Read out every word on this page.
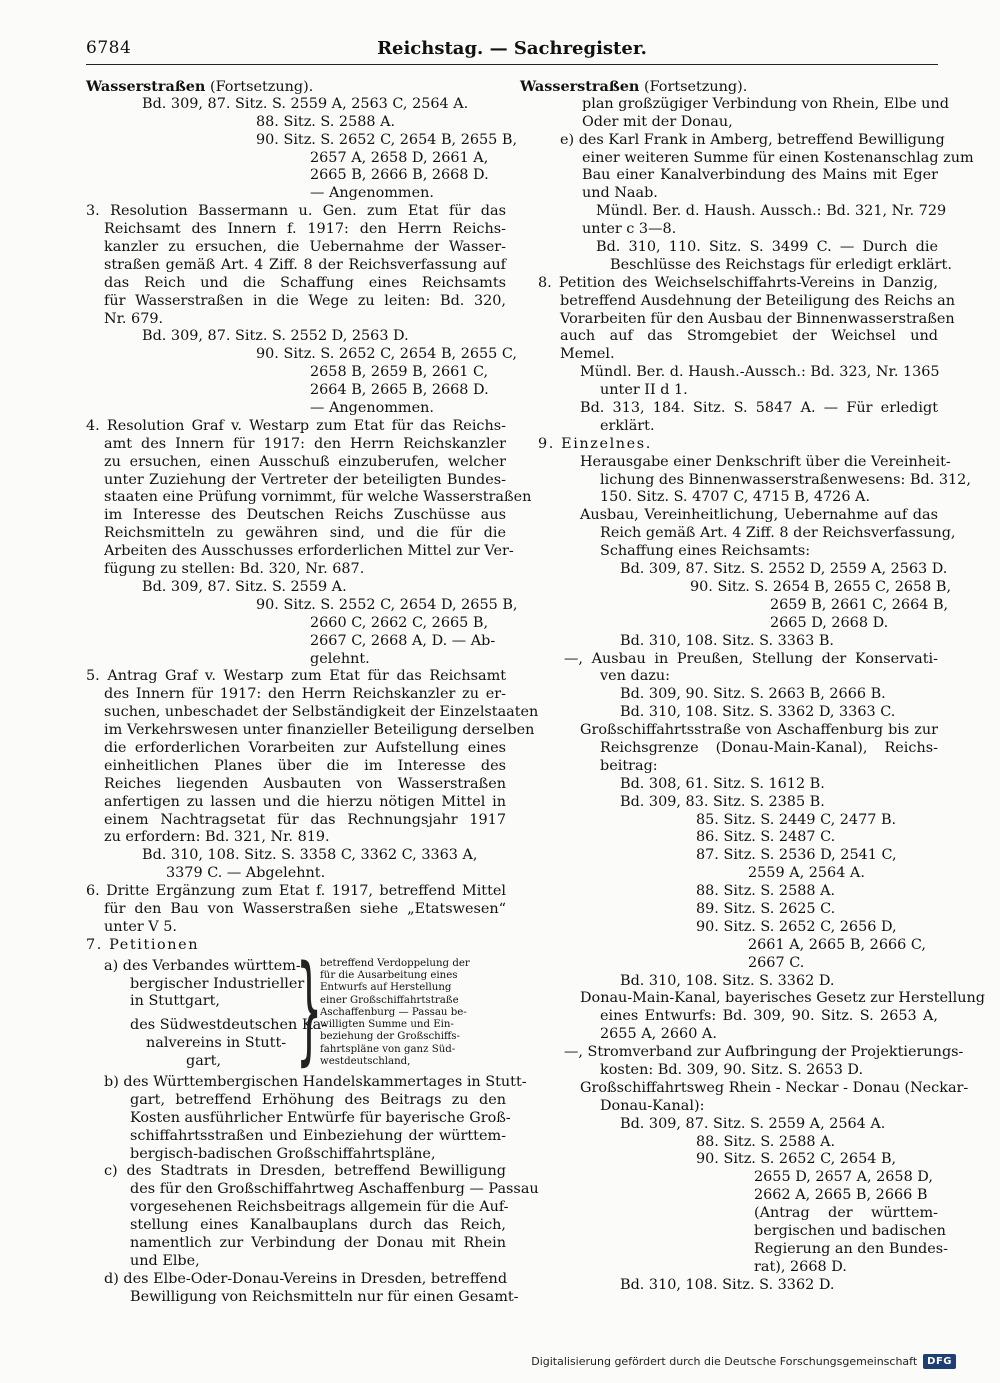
6784	Reichstag. — Sachregister.
Wasserstraßen (Fortsetzung).
Bd. 309, 87. Sitz. S. 2559 A, 2563 C, 2564 A.
88. Sitz. S. 2588 A.
90. Sitz. S. 2652 C, 2654 B, 2655 B,
2657 A, 2658 D, 2661 A,
2665 B, 2666 B, 2668 D.
— Angenommen.
3. Resolution Bassermann u. Gen. zum Etat für das
Reichsamt des Innern f. 1917: den Herrn Reichs-
kanzler zu ersuchen, die Uebernahme der Wasser-
straßen gemäß Art. 4 Ziff. 8 der Reichsverfassung auf
das Reich und die Schaffung eines Reichsamts
für Wasserstraßen in die Wege zu leiten: Bd. 320,
Nr. 679.
Bd. 309, 87. Sitz. S. 2552 D, 2563 D.
90. Sitz. S. 2652 C, 2654 B, 2655 C,
2658 B, 2659 B, 2661 C,
2664 B, 2665 B, 2668 D.
— Angenommen.
4. Resolution Graf v. Westarp zum Etat für das Reichs-
amt des Innern für 1917: den Herrn Reichskanzler
zu ersuchen, einen Ausschuß einzuberufen, welcher
unter Zuziehung der Vertreter der beteiligten Bundes-
staaten eine Prüfung vornimmt, für welche Wasserstraßen
im Interesse des Deutschen Reichs Zuschüsse aus
Reichsmitteln zu gewähren sind, und die für die
Arbeiten des Ausschusses erforderlichen Mittel zur Ver-
fügung zu stellen: Bd. 320, Nr. 687.
Bd. 309, 87. Sitz. S. 2559 A.
90. Sitz. S. 2552 C, 2654 D, 2655 B,
2660 C, 2662 C, 2665 B,
2667 C, 2668 A, D. — Ab-
gelehnt.
5. Antrag Graf v. Westarp zum Etat für das Reichsamt
des Innern für 1917: den Herrn Reichskanzler zu er-
suchen, unbeschadet der Selbständigkeit der Einzelstaaten
im Verkehrswesen unter finanzieller Beteiligung derselben
die erforderlichen Vorarbeiten zur Aufstellung eines
einheitlichen Planes über die im Interesse des
Reiches liegenden Ausbauten von Wasserstraßen
anfertigen zu lassen und die hierzu nötigen Mittel in
einem Nachtragsetat für das Rechnungsjahr 1917
zu erfordern: Bd. 321, Nr. 819.
Bd. 310, 108. Sitz. S. 3358 C, 3362 C, 3363 A,
3379 C. — Abgelehnt.
6. Dritte Ergänzung zum Etat f. 1917, betreffend Mittel
für den Bau von Wasserstraßen siehe „Etatswesen“
unter V 5.
7. Petitionen
a) des Verbandes württem-
bergischer Industrieller
in Stuttgart,
des Südwestdeutschen Ka-
nalvereins in Stutt-
gart, }
betreffend Verdoppelung der
für die Ausarbeitung eines
Entwurfs auf Herstellung
einer Großschiffahrtstraße
Aschaffenburg — Passau be-
willigten Summe und Ein-
beziehung der Großschiffs-
fahrtspläne von ganz Süd-
westdeutschland,
b) des Württembergischen Handelskammertages in Stutt-
gart, betreffend Erhöhung des Beitrags zu den
Kosten ausführlicher Entwürfe für bayerische Groß-
schiffahrtsstraßen und Einbeziehung der württem-
bergisch-badischen Großschiffahrtspläne,
c) des Stadtrats in Dresden, betreffend Bewilligung
des für den Großschiffahrtweg Aschaffenburg — Passau
vorgesehenen Reichsbeitrags allgemein für die Auf-
stellung eines Kanalbauplans durch das Reich,
namentlich zur Verbindung der Donau mit Rhein
und Elbe,
d) des Elbe-Oder-Donau-Vereins in Dresden, betreffend
Bewilligung von Reichsmitteln nur für einen Gesamt-
Wasserstraßen (Fortsetzung).
plan großzügiger Verbindung von Rhein, Elbe und
Oder mit der Donau,
e) des Karl Frank in Amberg, betreffend Bewilligung
einer weiteren Summe für einen Kostenanschlag zum
Bau einer Kanalverbindung des Mains mit Eger
und Naab.
Mündl. Ber. d. Haush. Aussch.: Bd. 321, Nr. 729
unter c 3—8.
Bd. 310, 110. Sitz. S. 3499 C. — Durch die
Beschlüsse des Reichstags für erledigt erklärt.
8. Petition des Weichselschiffahrts-Vereins in Danzig,
betreffend Ausdehnung der Beteiligung des Reichs an
Vorarbeiten für den Ausbau der Binnenwasserstraßen
auch auf das Stromgebiet der Weichsel und
Memel.
Mündl. Ber. d. Haush.-Aussch.: Bd. 323, Nr. 1365
unter II d 1.
Bd. 313, 184. Sitz. S. 5847 A. — Für erledigt
erklärt.
9. Einzelnes.
Herausgabe einer Denkschrift über die Vereinheit-
lichung des Binnenwasserstraßenwesens: Bd. 312,
150. Sitz. S. 4707 C, 4715 B, 4726 A.
Ausbau, Vereinheitlichung, Uebernahme auf das
Reich gemäß Art. 4 Ziff. 8 der Reichsverfassung,
Schaffung eines Reichsamts:
Bd. 309, 87. Sitz. S. 2552 D, 2559 A, 2563 D.
90. Sitz. S. 2654 B, 2655 C, 2658 B,
2659 B, 2661 C, 2664 B,
2665 D, 2668 D.
Bd. 310, 108. Sitz. S. 3363 B.
—, Ausbau in Preußen, Stellung der Konservati-
ven dazu:
Bd. 309, 90. Sitz. S. 2663 B, 2666 B.
Bd. 310, 108. Sitz. S. 3362 D, 3363 C.
Großschiffahrtsstraße von Aschaffenburg bis zur
Reichsgrenze (Donau-Main-Kanal), Reichs-
beitrag:
Bd. 308, 61. Sitz. S. 1612 B.
Bd. 309, 83. Sitz. S. 2385 B.
85. Sitz. S. 2449 C, 2477 B.
86. Sitz. S. 2487 C.
87. Sitz. S. 2536 D, 2541 C,
2559 A, 2564 A.
88. Sitz. S. 2588 A.
89. Sitz. S. 2625 C.
90. Sitz. S. 2652 C, 2656 D,
2661 A, 2665 B, 2666 C,
2667 C.
Bd. 310, 108. Sitz. S. 3362 D.
Donau-Main-Kanal, bayerisches Gesetz zur Herstellung
eines Entwurfs: Bd. 309, 90. Sitz. S. 2653 A,
2655 A, 2660 A.
—, Stromverband zur Aufbringung der Projektierungs-
kosten: Bd. 309, 90. Sitz. S. 2653 D.
Großschiffahrtsweg Rhein - Neckar - Donau (Neckar-
Donau-Kanal):
Bd. 309, 87. Sitz. S. 2559 A, 2564 A.
88. Sitz. S. 2588 A.
90. Sitz. S. 2652 C, 2654 B,
2655 D, 2657 A, 2658 D,
2662 A, 2665 B, 2666 B
(Antrag der württem-
bergischen und badischen
Regierung an den Bundes-
rat), 2668 D.
Bd. 310, 108. Sitz. S. 3362 D.
Digitalisierung gefördert durch die Deutsche Forschungsgemeinschaft	DFG
